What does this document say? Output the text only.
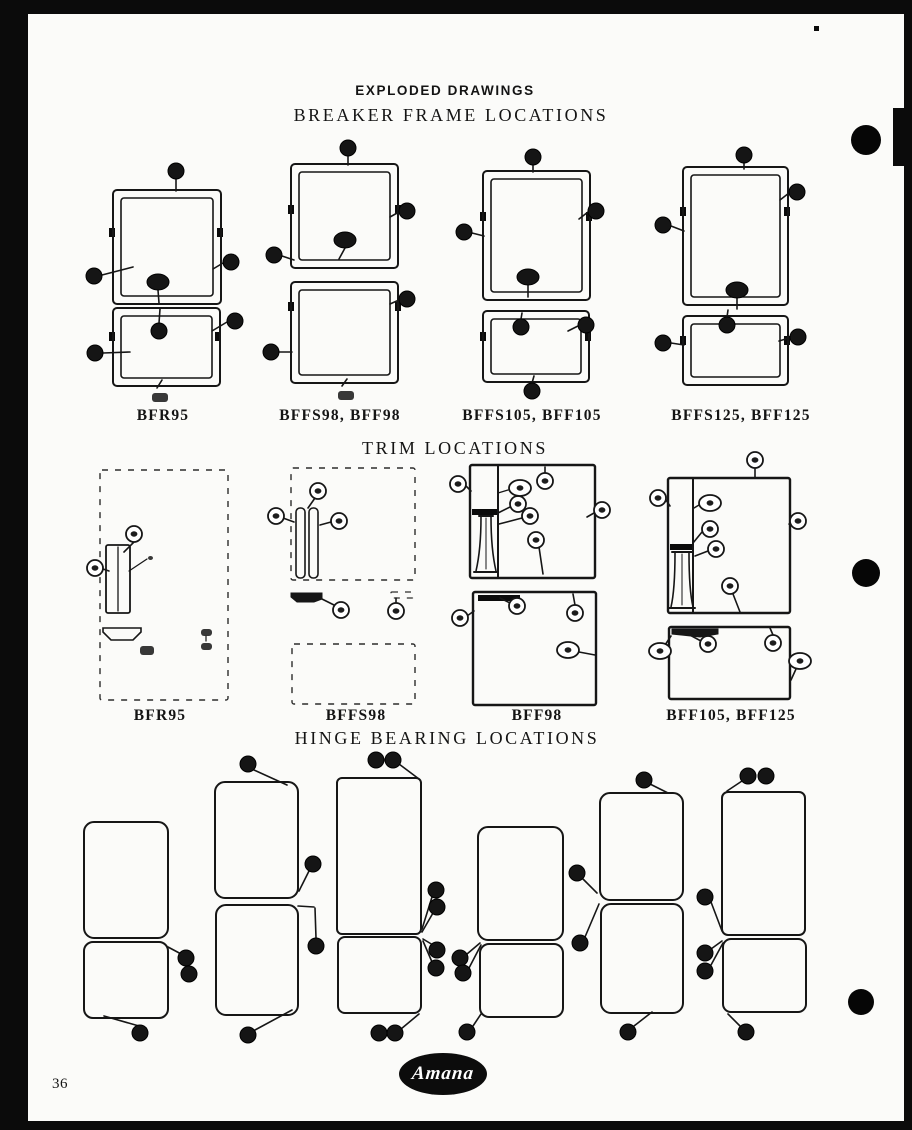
EXPLODED DRAWINGS
BREAKER FRAME LOCATIONS
BFR95	BFFS98, BFF98	BFFS105, BFF105	BFFS125, BFF125
TRIM LOCATIONS
BFR95	BFFS98	BFF98	BFF105, BFF125
HINGE BEARING LOCATIONS
Amana
36
